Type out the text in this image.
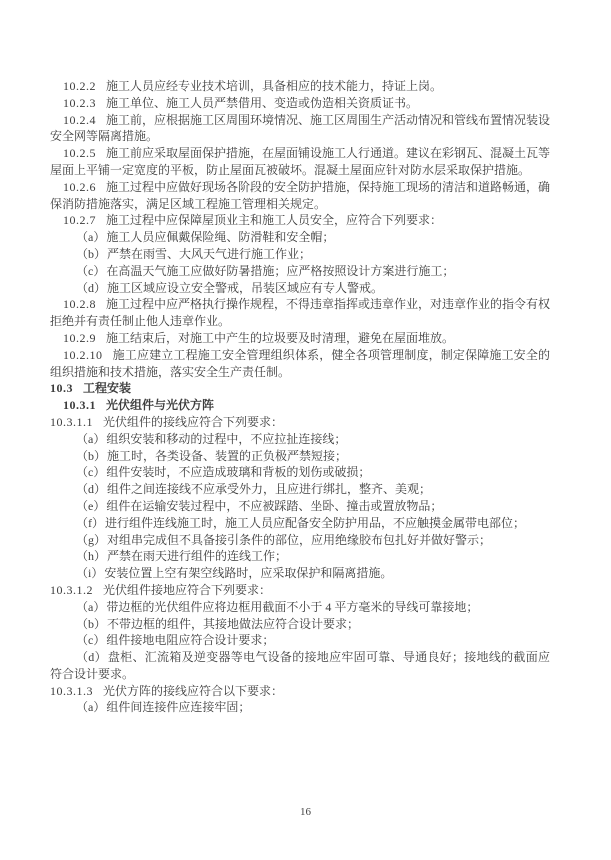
10.2.2 施工人员应经专业技术培训，具备相应的技术能力，持证上岗。

10.2.3 施工单位、施工人员严禁借用、变造或伪造相关资质证书。

10.2.4 施工前，应根据施工区周围环境情况、施工区周围生产活动情况和管线布置情况装设安全网等隔离措施。

10.2.5 施工前应采取屋面保护措施，在屋面铺设施工人行通道。建议在彩钢瓦、混凝土瓦等屋面上平铺一定宽度的平板，防止屋面瓦被破坏。混凝土屋面应针对防水层采取保护措施。

10.2.6 施工过程中应做好现场各阶段的安全防护措施，保持施工现场的清洁和道路畅通，确保消防措施落实，满足区域工程施工管理相关规定。

10.2.7 施工过程中应保障屋顶业主和施工人员安全，应符合下列要求：

（a）施工人员应佩戴保险绳、防滑鞋和安全帽；

（b）严禁在雨雪、大风天气进行施工作业；

（c）在高温天气施工应做好防暑措施；应严格按照设计方案进行施工；

（d）施工区域应设立安全警戒，吊装区域应有专人警戒。

10.2.8 施工过程中应严格执行操作规程，不得违章指挥或违章作业，对违章作业的指令有权拒绝并有责任制止他人违章作业。

10.2.9 施工结束后，对施工中产生的垃圾要及时清理，避免在屋面堆放。

10.2.10 施工应建立工程施工安全管理组织体系，健全各项管理制度，制定保障施工安全的组织措施和技术措施，落实安全生产责任制。

10.3 工程安装

10.3.1 光伏组件与光伏方阵

10.3.1.1 光伏组件的接线应符合下列要求：

（a）组织安装和移动的过程中，不应拉扯连接线；

（b）施工时，各类设备、装置的正负极严禁短接；

（c）组件安装时，不应造成玻璃和背板的划伤或破损；

（d）组件之间连接线不应承受外力，且应进行绑扎，整齐、美观；

（e）组件在运输安装过程中，不应被踩踏、坐卧、撞击或置放物品；

（f）进行组件连线施工时，施工人员应配备安全防护用品，不应触摸金属带电部位；

（g）对组串完成但不具备接引条件的部位，应用绝缘胶布包扎好并做好警示；

（h）严禁在雨天进行组件的连线工作；

（i）安装位置上空有架空线路时，应采取保护和隔离措施。

10.3.1.2 光伏组件接地应符合下列要求：

（a）带边框的光伏组件应将边框用截面不小于 4 平方毫米的导线可靠接地；

（b）不带边框的组件，其接地做法应符合设计要求；

（c）组件接地电阻应符合设计要求；

（d）盘柜、汇流箱及逆变器等电气设备的接地应牢固可靠、导通良好；接地线的截面应符合设计要求。

10.3.1.3 光伏方阵的接线应符合以下要求：

（a）组件间连接件应连接牢固；

16
